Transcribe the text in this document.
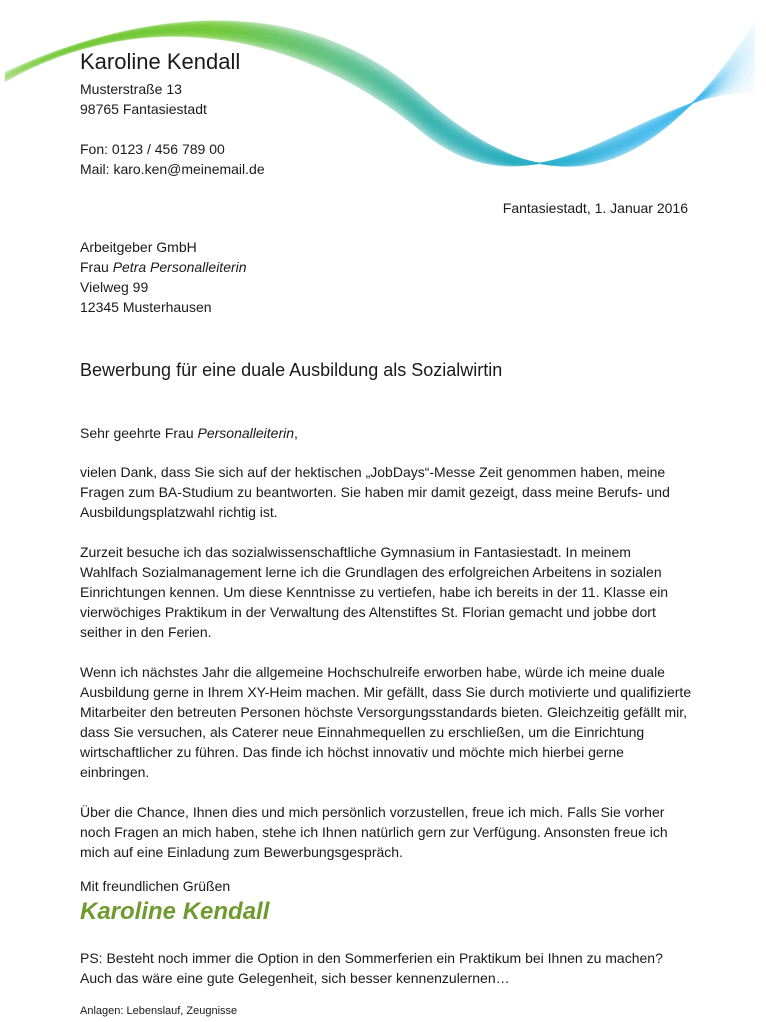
Karoline Kendall
Musterstraße 13
98765 Fantasiestadt
Fon: 0123 / 456 789 00
Mail: karo.ken@meinemail.de
Fantasiestadt, 1. Januar 2016
Arbeitgeber GmbH
Frau Petra Personalleiterin
Vielweg 99
12345 Musterhausen
Bewerbung für eine duale Ausbildung als Sozialwirtin

Sehr geehrte Frau Personalleiterin,

vielen Dank, dass Sie sich auf der hektischen „JobDays“-Messe Zeit genommen haben, meine Fragen zum BA-Studium zu beantworten. Sie haben mir damit gezeigt, dass meine Berufs- und Ausbildungsplatzwahl richtig ist.

Zurzeit besuche ich das sozialwissenschaftliche Gymnasium in Fantasiestadt. In meinem Wahlfach Sozialmanagement lerne ich die Grundlagen des erfolgreichen Arbeitens in sozialen Einrichtungen kennen. Um diese Kenntnisse zu vertiefen, habe ich bereits in der 11. Klasse ein vierwöchiges Praktikum in der Verwaltung des Altenstiftes St. Florian gemacht und jobbe dort seither in den Ferien.

Wenn ich nächstes Jahr die allgemeine Hochschulreife erworben habe, würde ich meine duale Ausbildung gerne in Ihrem XY-Heim machen. Mir gefällt, dass Sie durch motivierte und qualifizierte Mitarbeiter den betreuten Personen höchste Versorgungsstandards bieten. Gleichzeitig gefällt mir, dass Sie versuchen, als Caterer neue Einnahmequellen zu erschließen, um die Einrichtung wirtschaftlicher zu führen. Das finde ich höchst innovativ und möchte mich hierbei gerne einbringen.

Über die Chance, Ihnen dies und mich persönlich vorzustellen, freue ich mich. Falls Sie vorher noch Fragen an mich haben, stehe ich Ihnen natürlich gern zur Verfügung. Ansonsten freue ich mich auf eine Einladung zum Bewerbungsgespräch.

Mit freundlichen Grüßen
Karoline Kendall
PS: Besteht noch immer die Option in den Sommerferien ein Praktikum bei Ihnen zu machen? Auch das wäre eine gute Gelegenheit, sich besser kennenzulernen…
Anlagen: Lebenslauf, Zeugnisse
